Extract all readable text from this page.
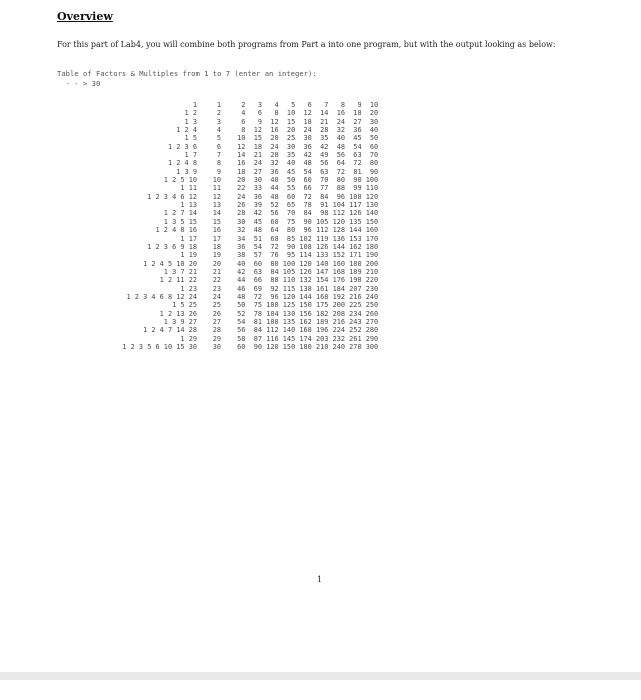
Overview
For this part of Lab4, you will combine both programs from Part a into one program, but with the output looking as below:
Table of Factors & Multiples from 1 to 7 (enter an integer):
- - > 30
1	1 2   3   4   5   6   7   8   9  10
1 2	2 4   6   8  10  12  14  16  18  20
1 3	3 6   9  12  15  18  21  24  27  30
1 2 4	4 8  12  16  20  24  28  32  36  40
1 5	5 10  15  20  25  30  35  40  45  50
1 2 3 6	6 12  18  24  30  36  42  48  54  60
1 7	7 14  21  28  35  42  49  56  63  70
1 2 4 8	8 16  24  32  40  48  56  64  72  80
1 3 9	9 18  27  36  45  54  63  72  81  90
1 2 5 10	10 20  30  40  50  60  70  80  90 100
1 11	11 22  33  44  55  66  77  88  99 110
1 2 3 4 6 12	12 24  36  48  60  72  84  96 108 120
1 13	13 26  39  52  65  78  91 104 117 130
1 2 7 14	14 28  42  56  70  84  98 112 126 140
1 3 5 15	15 30  45  60  75  90 105 120 135 150
1 2 4 8 16	16 32  48  64  80  96 112 128 144 160
1 17	17 34  51  68  85 102 119 136 153 170
1 2 3 6 9 18	18 36  54  72  90 108 126 144 162 180
1 19	19 38  57  76  95 114 133 152 171 190
1 2 4 5 10 20	20 40  60  80 100 120 140 160 180 200
1 3 7 21	21 42  63  84 105 126 147 168 189 210
1 2 11 22	22 44  66  88 110 132 154 176 198 220
1 23	23 46  69  92 115 138 161 184 207 230
1 2 3 4 6 8 12 24	24 48  72  96 120 144 168 192 216 240
1 5 25	25 50  75 100 125 150 175 200 225 250
1 2 13 26	26 52  78 104 130 156 182 208 234 260
1 3 9 27	27 54  81 108 135 162 189 216 243 270
1 2 4 7 14 28	28 56  84 112 140 168 196 224 252 280
1 29	29 58  87 116 145 174 203 232 261 290
1 2 3 5 6 10 15 30	30 60  90 120 150 180 210 240 270 300
1
